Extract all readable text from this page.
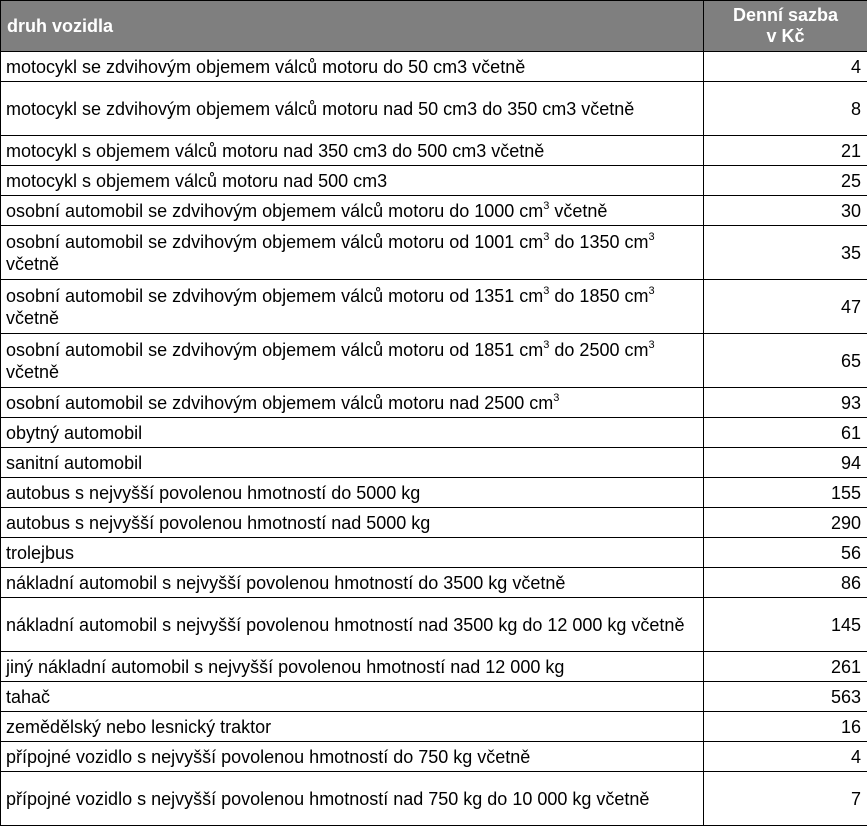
druh vozidla	Denní sazba
v Kč
motocykl se zdvihovým objemem válců motoru do 50 cm3 včetně	4
motocykl se zdvihovým objemem válců motoru nad 50 cm3 do 350 cm3 včetně	8
motocykl s objemem válců motoru nad 350 cm3 do 500 cm3 včetně	21
motocykl s objemem válců motoru nad 500 cm3	25
osobní automobil se zdvihovým objemem válců motoru do 1000 $cm^3$ včetně	30
osobní automobil se zdvihovým objemem válců motoru od 1001 $cm^3$ do 1350 $cm^3$ včetně	35
osobní automobil se zdvihovým objemem válců motoru od 1351 $cm^3$ do 1850 $cm^3$ včetně	47
osobní automobil se zdvihovým objemem válců motoru od 1851 $cm^3$ do 2500 $cm^3$ včetně	65
osobní automobil se zdvihovým objemem válců motoru nad 2500 $cm^3$	93
obytný automobil	61
sanitní automobil	94
autobus s nejvyšší povolenou hmotností do 5000 kg	155
autobus s nejvyšší povolenou hmotností nad 5000 kg	290
trolejbus	56
nákladní automobil s nejvyšší povolenou hmotností do 3500 kg včetně	86
nákladní automobil s nejvyšší povolenou hmotností nad 3500 kg do 12 000 kg včetně	145
jiný nákladní automobil s nejvyšší povolenou hmotností nad 12 000 kg	261
tahač	563
zemědělský nebo lesnický traktor	16
přípojné vozidlo s nejvyšší povolenou hmotností do 750 kg včetně	4
přípojné vozidlo s nejvyšší povolenou hmotností nad 750 kg do 10 000 kg včetně	7
